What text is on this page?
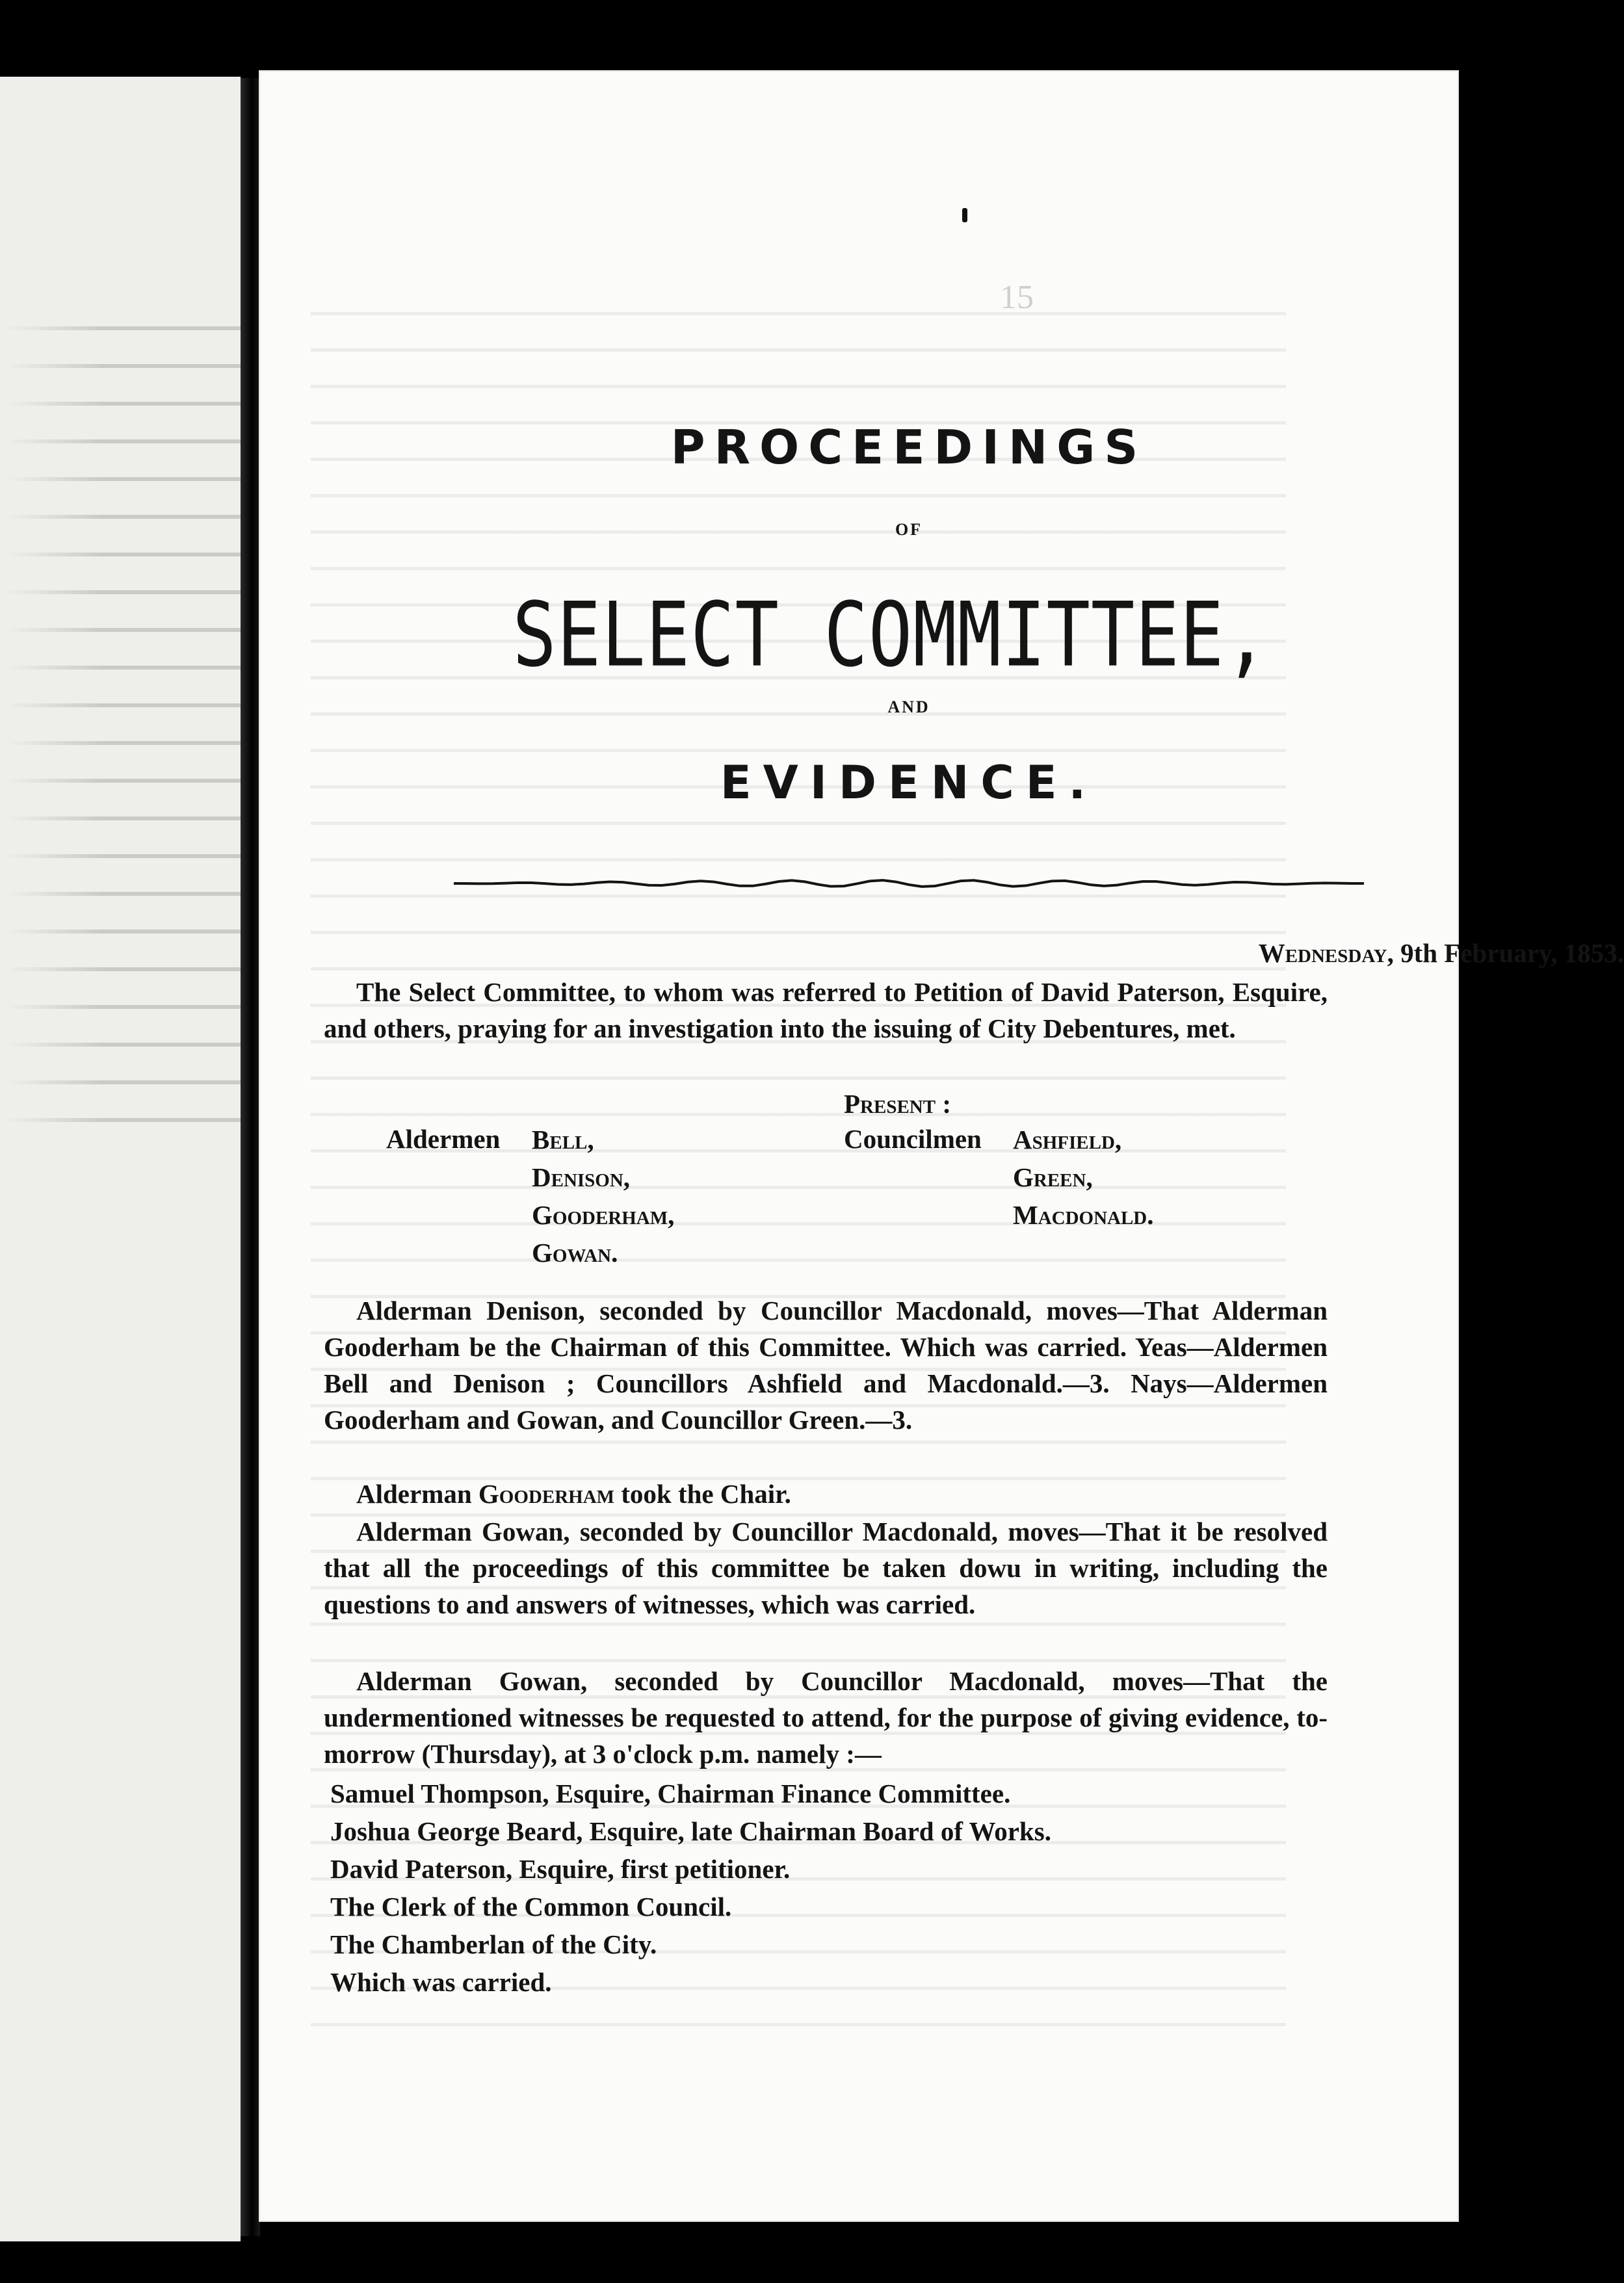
15
PROCEEDINGS
OF
SELECT COMMITTEE,
AND
EVIDENCE.
Wednesday, 9th February, 1853.
The Select Committee, to whom was referred to Petition of David Paterson, Esquire, and others, praying for an investigation into the issuing of City Debentures, met.
Present :
Aldermen Bell,
Denison,
Gooderham,
Gowan.
Councilmen Ashfield,
Green,
Macdonald.
Alderman Denison, seconded by Councillor Macdonald, moves—That Alderman Gooderham be the Chairman of this Committee. Which was carried. Yeas—Aldermen Bell and Denison ; Councillors Ashfield and Macdonald.—3. Nays—Aldermen Gooderham and Gowan, and Councillor Green.—3.
Alderman Gooderham took the Chair.
Alderman Gowan, seconded by Councillor Macdonald, moves—That it be resolved that all the proceedings of this committee be taken dowu in writing, including the questions to and answers of witnesses, which was carried.
Alderman Gowan, seconded by Councillor Macdonald, moves—That the undermentioned witnesses be requested to attend, for the purpose of giving evidence, to-morrow (Thursday), at 3 o'clock p.m. namely :—
Samuel Thompson, Esquire, Chairman Finance Committee.
Joshua George Beard, Esquire, late Chairman Board of Works.
David Paterson, Esquire, first petitioner.
The Clerk of the Common Council.
The Chamberlan of the City.
Which was carried.
